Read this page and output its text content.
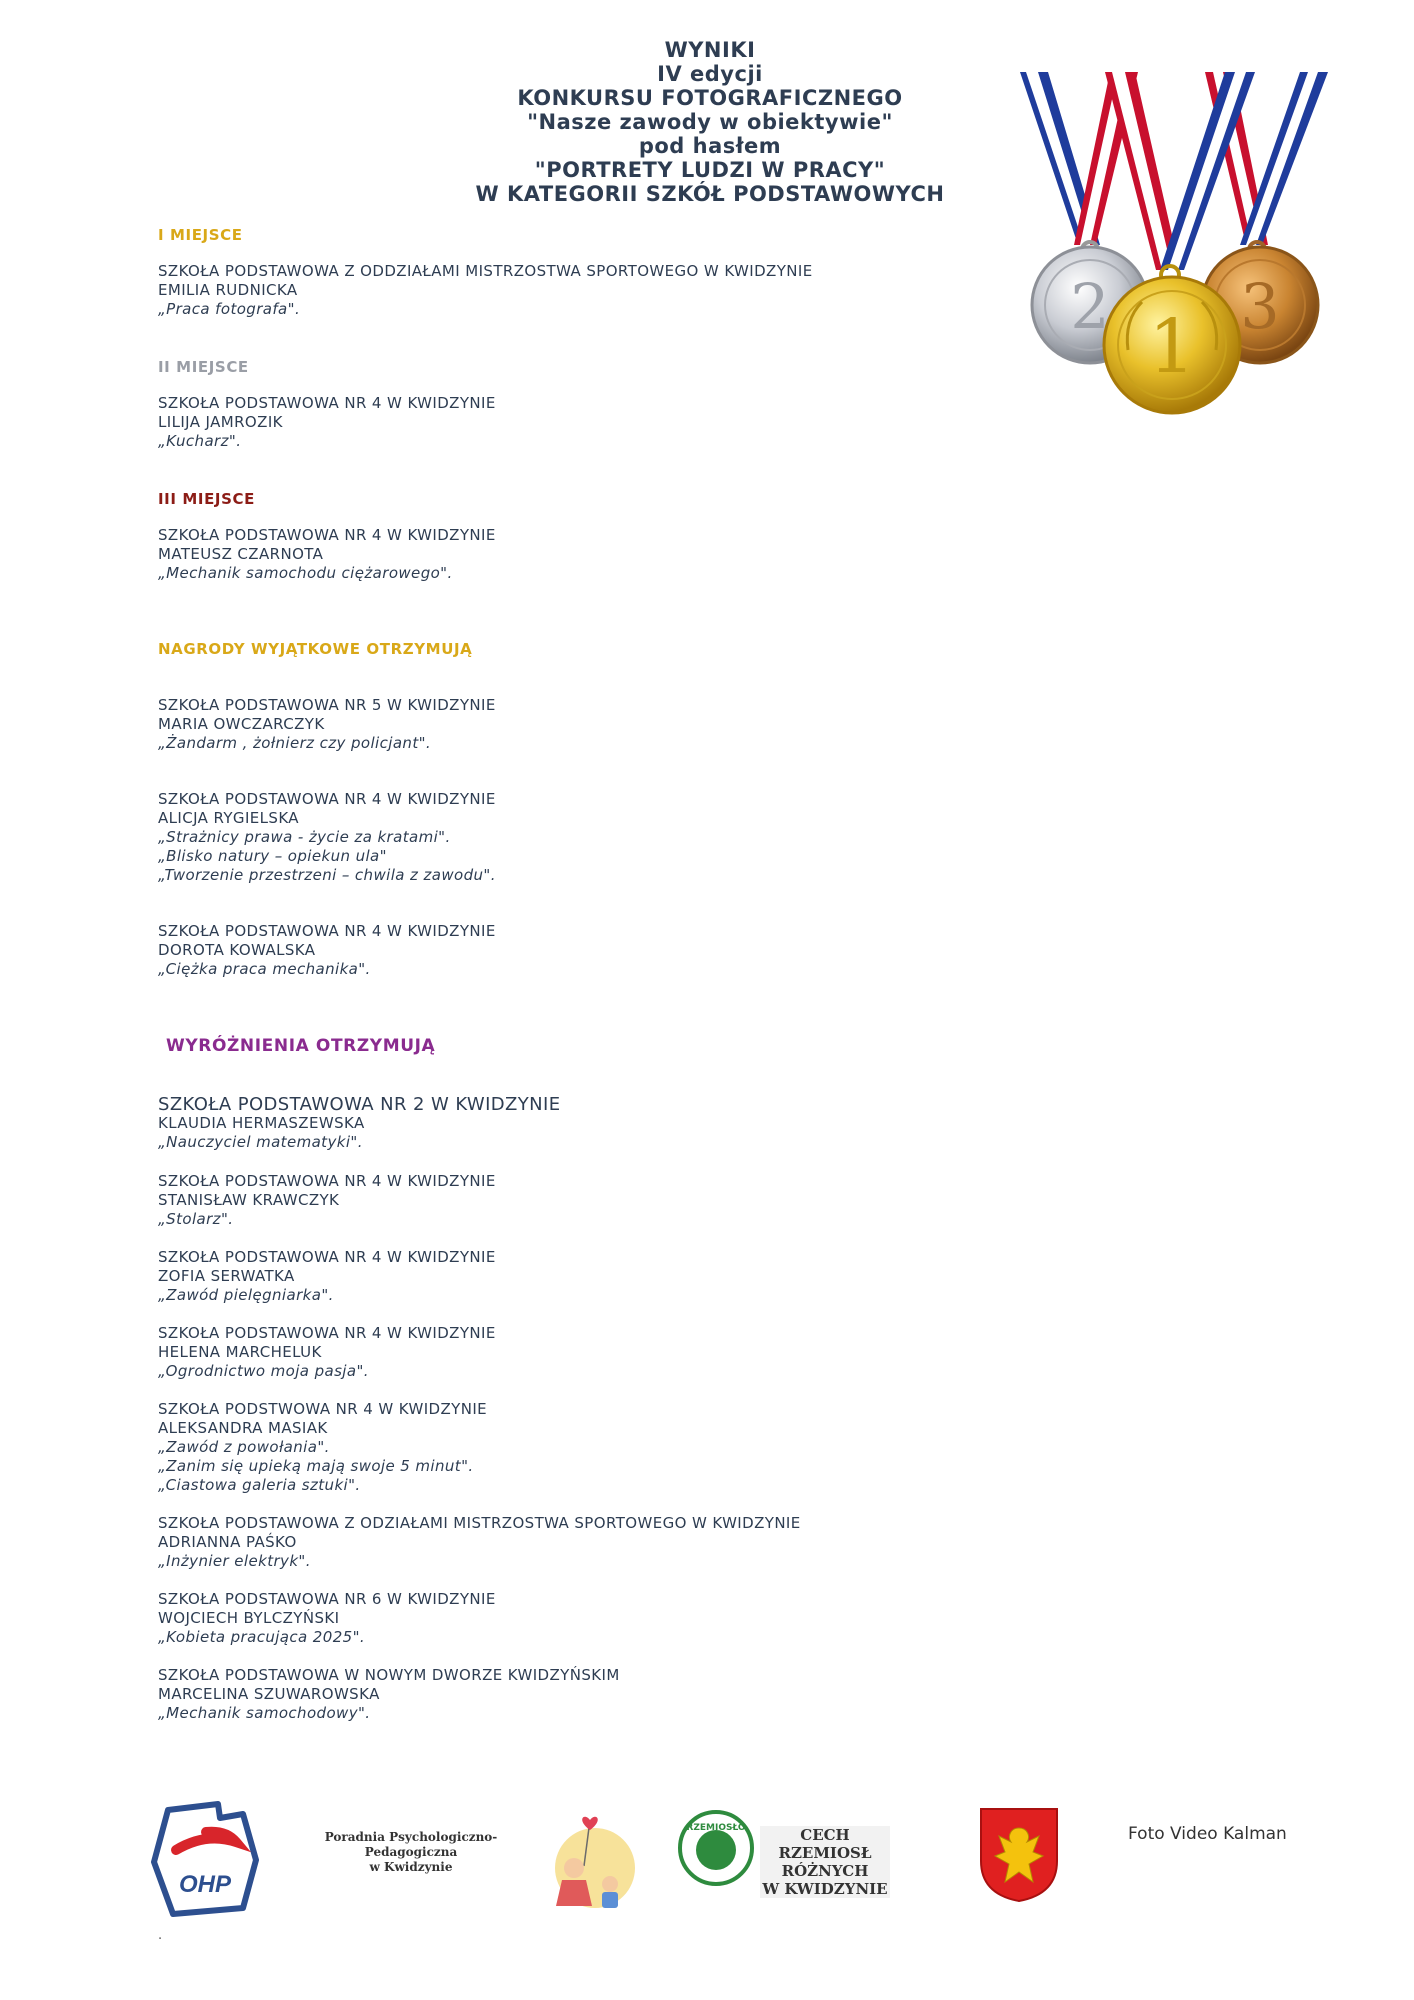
WYNIKI
IV edycji
KONKURSU FOTOGRAFICZNEGO
"Nasze zawody w obiektywie"
pod hasłem
"PORTRETY LUDZI W PRACY"
W KATEGORII SZKÓŁ PODSTAWOWYCH
2 3
1
I MIEJSCE
SZKOŁA PODSTAWOWA Z ODDZIAŁAMI MISTRZOSTWA SPORTOWEGO W KWIDZYNIE
EMILIA RUDNICKA
„Praca fotografa".
II MIEJSCE
SZKOŁA PODSTAWOWA NR 4 W KWIDZYNIE
LILIJA JAMROZIK
„Kucharz".
III MIEJSCE
SZKOŁA PODSTAWOWA NR 4 W KWIDZYNIE
MATEUSZ CZARNOTA
„Mechanik samochodu ciężarowego".
NAGRODY WYJĄTKOWE OTRZYMUJĄ
SZKOŁA PODSTAWOWA NR 5 W KWIDZYNIE
MARIA OWCZARCZYK
„Żandarm , żołnierz czy policjant".
SZKOŁA PODSTAWOWA NR 4 W KWIDZYNIE
ALICJA RYGIELSKA
„Strażnicy prawa - życie za kratami".
„Blisko natury – opiekun ula"
„Tworzenie przestrzeni – chwila z zawodu".
SZKOŁA PODSTAWOWA NR 4 W KWIDZYNIE
DOROTA KOWALSKA
„Ciężka praca mechanika".
WYRÓŻNIENIA OTRZYMUJĄ
SZKOŁA PODSTAWOWA NR 2 W KWIDZYNIE
KLAUDIA HERMASZEWSKA
„Nauczyciel matematyki".
SZKOŁA PODSTAWOWA NR 4 W KWIDZYNIE
STANISŁAW KRAWCZYK
„Stolarz".
SZKOŁA PODSTAWOWA NR 4 W KWIDZYNIE
ZOFIA SERWATKA
„Zawód pielęgniarka".
SZKOŁA PODSTAWOWA NR 4 W KWIDZYNIE
HELENA MARCHELUK
„Ogrodnictwo moja pasja".
SZKOŁA PODSTWOWA NR 4 W KWIDZYNIE
ALEKSANDRA MASIAK
„Zawód z powołania".
„Zanim się upieką mają swoje 5 minut".
„Ciastowa galeria sztuki".
SZKOŁA PODSTAWOWA Z ODZIAŁAMI MISTRZOSTWA SPORTOWEGO W KWIDZYNIE
ADRIANNA PAŚKO
„Inżynier elektryk".
SZKOŁA PODSTAWOWA NR 6 W KWIDZYNIE
WOJCIECH BYLCZYŃSKI
„Kobieta pracująca 2025".
SZKOŁA PODSTAWOWA W NOWYM DWORZE KWIDZYŃSKIM
MARCELINA SZUWAROWSKA
„Mechanik samochodowy".
OHP
Poradnia Psychologiczno-Pedagogiczna
w Kwidzynie
RZEMIOSŁO	CECH RZEMIOSŁ
RÓŻNYCH
W KWIDZYNIE
Foto Video Kalman
.
